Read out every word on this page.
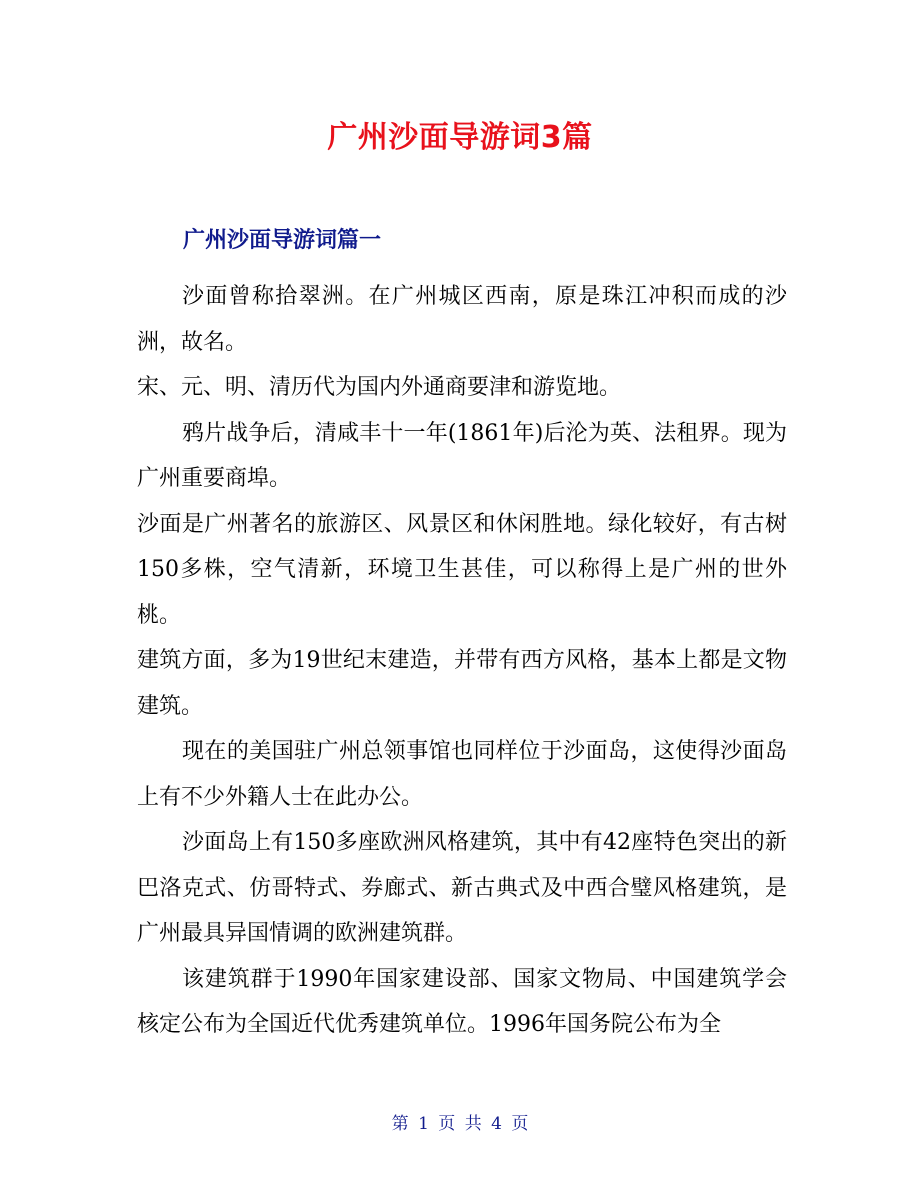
广州沙面导游词3篇
广州沙面导游词篇一

沙面曾称拾翠洲。在广州城区西南，原是珠江冲积而成的沙洲，故名。

宋、元、明、清历代为国内外通商要津和游览地。

鸦片战争后，清咸丰十一年(1861年)后沦为英、法租界。现为广州重要商埠。

沙面是广州著名的旅游区、风景区和休闲胜地。绿化较好，有古树150多株，空气清新，环境卫生甚佳，可以称得上是广州的世外桃。

建筑方面，多为19世纪末建造，并带有西方风格，基本上都是文物建筑。

现在的美国驻广州总领事馆也同样位于沙面岛，这使得沙面岛上有不少外籍人士在此办公。

沙面岛上有150多座欧洲风格建筑，其中有42座特色突出的新巴洛克式、仿哥特式、券廊式、新古典式及中西合璧风格建筑，是广州最具异国情调的欧洲建筑群。

该建筑群于1990年国家建设部、国家文物局、中国建筑学会核定公布为全国近代优秀建筑单位。1996年国务院公布为全

第 1 页 共 4 页
